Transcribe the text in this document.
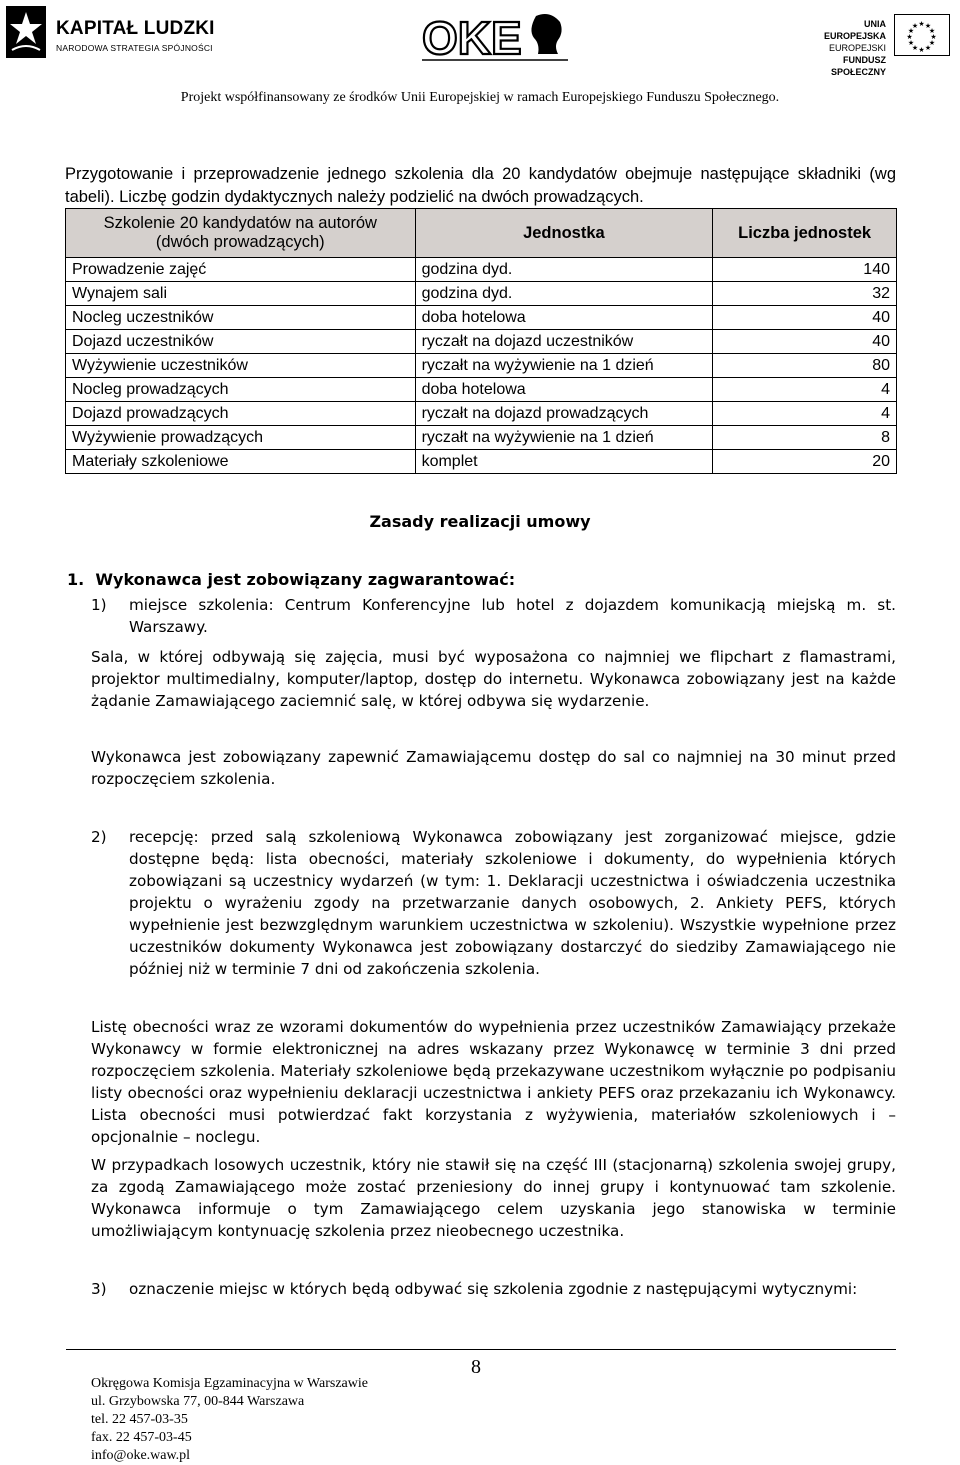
KAPITAŁ LUDZKI
NARODOWA STRATEGIA SPÓJNOŚCI	OKE	UNIA EUROPEJSKA
EUROPEJSKI
FUNDUSZ SPOŁECZNY
★ ★
★
★
★
★
★
★
★
★
★
★
Projekt współfinansowany ze środków Unii Europejskiej w ramach Europejskiego Funduszu Społecznego.

Przygotowanie i przeprowadzenie jednego szkolenia dla 20 kandydatów obejmuje następujące składniki (wg tabeli). Liczbę godzin dydaktycznych należy podzielić na dwóch prowadzących.

Szkolenie 20 kandydatów na autorów (dwóch prowadzących)	Jednostka	Liczba jednostek
Prowadzenie zajęć	godzina dyd.	140
Wynajem sali	godzina dyd.	32
Nocleg uczestników	doba hotelowa	40
Dojazd uczestników	ryczałt na dojazd uczestników	40
Wyżywienie uczestników	ryczałt na wyżywienie na 1 dzień	80
Nocleg prowadzących	doba hotelowa	4
Dojazd prowadzących	ryczałt na dojazd prowadzących	4
Wyżywienie prowadzących	ryczałt na wyżywienie na 1 dzień	8
Materiały szkoleniowe	komplet	20
Zasady realizacji umowy
1. Wykonawca jest zobowiązany zagwarantować:
1)	miejsce szkolenia: Centrum Konferencyjne lub hotel z dojazdem komunikacją miejską m. st. Warszawy.

Sala, w której odbywają się zajęcia, musi być wyposażona co najmniej we flipchart z flamastrami, projektor multimedialny, komputer/laptop, dostęp do internetu. Wykonawca zobowiązany jest na każde żądanie Zamawiającego zaciemnić salę, w której odbywa się wydarzenie.

Wykonawca jest zobowiązany zapewnić Zamawiającemu dostęp do sal co najmniej na 30 minut przed rozpoczęciem szkolenia.

2)	recepcję: przed salą szkoleniową Wykonawca zobowiązany jest zorganizować miejsce, gdzie dostępne będą: lista obecności, materiały szkoleniowe i dokumenty, do wypełnienia których zobowiązani są uczestnicy wydarzeń (w tym: 1. Deklaracji uczestnictwa i oświadczenia uczestnika projektu o wyrażeniu zgody na przetwarzanie danych osobowych, 2. Ankiety PEFS, których wypełnienie jest bezwzględnym warunkiem uczestnictwa w szkoleniu). Wszystkie wypełnione przez uczestników dokumenty Wykonawca jest zobowiązany dostarczyć do siedziby Zamawiającego nie później niż w terminie 7 dni od zakończenia szkolenia.

Listę obecności wraz ze wzorami dokumentów do wypełnienia przez uczestników Zamawiający przekaże Wykonawcy w formie elektronicznej na adres wskazany przez Wykonawcę w terminie 3 dni przed rozpoczęciem szkolenia. Materiały szkoleniowe będą przekazywane uczestnikom wyłącznie po podpisaniu listy obecności oraz wypełnieniu deklaracji uczestnictwa i ankiety PEFS oraz przekazaniu ich Wykonawcy. Lista obecności musi potwierdzać fakt korzystania z wyżywienia, materiałów szkoleniowych i – opcjonalnie – noclegu.

W przypadkach losowych uczestnik, który nie stawił się na część III (stacjonarną) szkolenia swojej grupy, za zgodą Zamawiającego może zostać przeniesiony do innej grupy i kontynuować tam szkolenie. Wykonawca informuje o tym Zamawiającego celem uzyskania jego stanowiska w terminie umożliwiającym kontynuację szkolenia przez nieobecnego uczestnika.

3)	oznaczenie miejsc w których będą odbywać się szkolenia zgodnie z następującymi wytycznymi:
8
Okręgowa Komisja Egzaminacyjna w Warszawie
ul. Grzybowska 77, 00-844 Warszawa
tel. 22 457-03-35
fax. 22 457-03-45
info@oke.waw.pl
